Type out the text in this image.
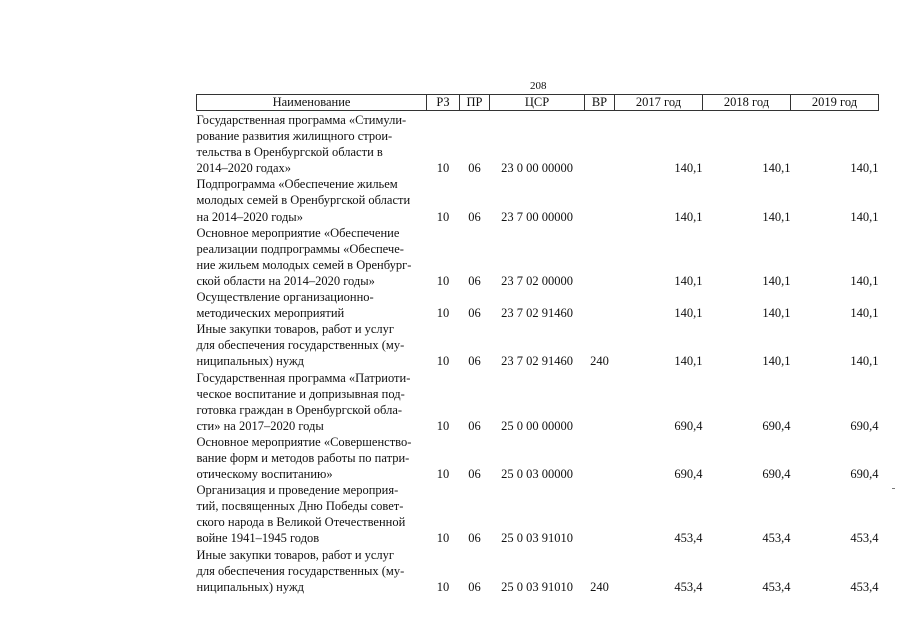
208
Наименование	РЗ	ПР	ЦСР	ВР	2017 год	2018 год	2019 год

Государственная программа «Стимули-
рование развития жилищного строи-
тельства в Оренбургской области в
2014–2020 годах»	10	06	23 0 00 00000		140,1	140,1	140,1

Подпрограмма «Обеспечение жильем
молодых семей в Оренбургской области
на 2014–2020 годы»	10	06	23 7 00 00000		140,1	140,1	140,1

Основное мероприятие «Обеспечение
реализации подпрограммы «Обеспече-
ние жильем молодых семей в Оренбург-
ской области на 2014–2020 годы»	10	06	23 7 02 00000		140,1	140,1	140,1

Осуществление организационно-
методических мероприятий	10	06	23 7 02 91460		140,1	140,1	140,1

Иные закупки товаров, работ и услуг
для обеспечения государственных (му-
ниципальных) нужд	10	06	23 7 02 91460	240	140,1	140,1	140,1

Государственная программа «Патриоти-
ческое воспитание и допризывная под-
готовка граждан в Оренбургской обла-
сти» на 2017–2020 годы	10	06	25 0 00 00000		690,4	690,4	690,4

Основное мероприятие «Совершенство-
вание форм и методов работы по патри-
отическому воспитанию»	10	06	25 0 03 00000		690,4	690,4	690,4

Организация и проведение мероприя-
тий, посвященных Дню Победы совет-
ского народа в Великой Отечественной
войне 1941–1945 годов	10	06	25 0 03 91010		453,4	453,4	453,4

Иные закупки товаров, работ и услуг
для обеспечения государственных (му-
ниципальных) нужд	10	06	25 0 03 91010	240	453,4	453,4	453,4
